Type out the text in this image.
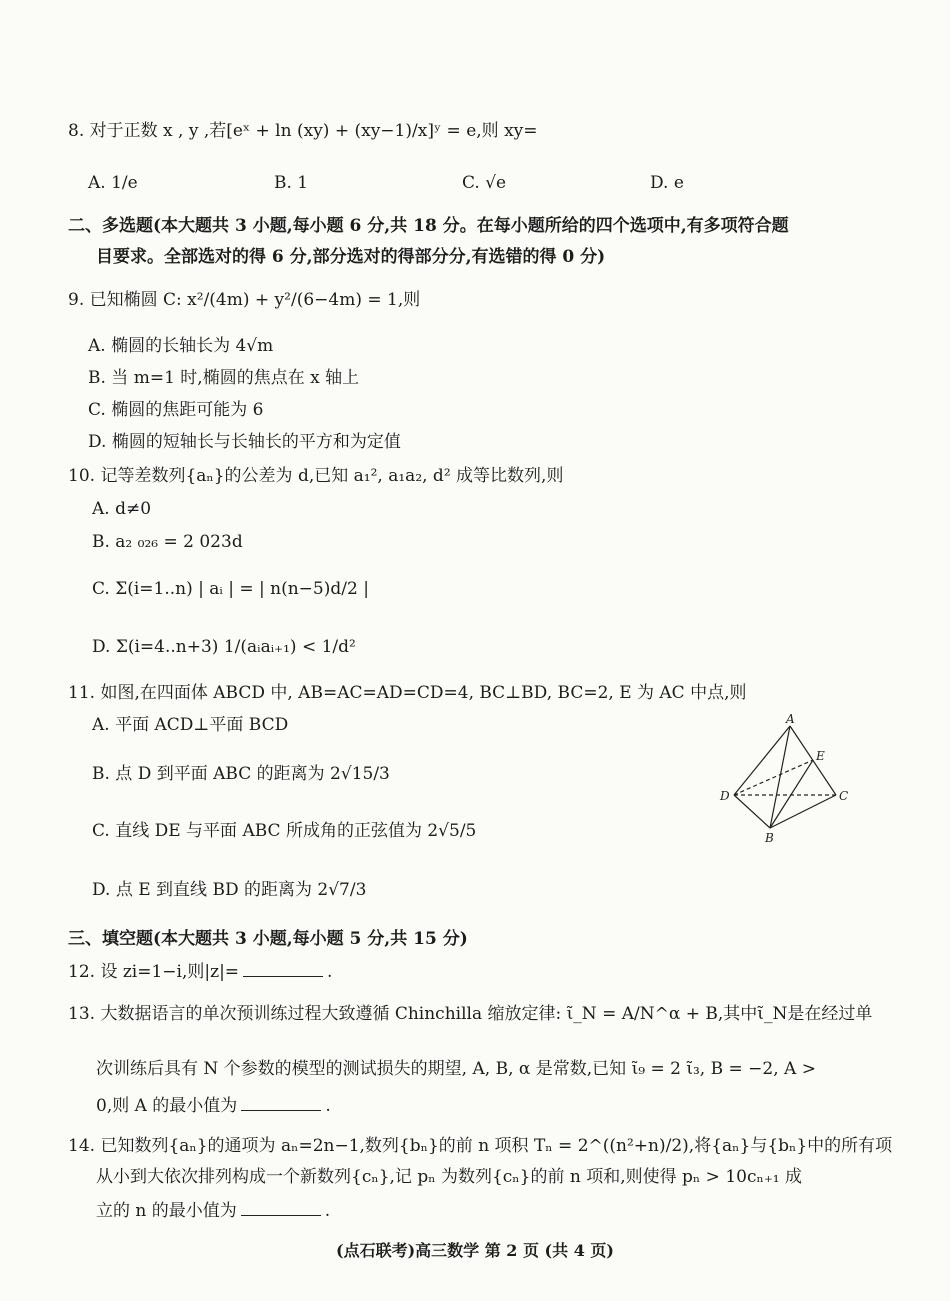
8. 对于正数 x , y ,若[eˣ + ln (xy) + (xy−1)/x]ʸ = e,则 xy=
A. 1/e	B. 1	C. √e	D. e
二、多选题(本大题共 3 小题,每小题 6 分,共 18 分。在每小题所给的四个选项中,有多项符合题
目要求。全部选对的得 6 分,部分选对的得部分分,有选错的得 0 分)
9. 已知椭圆 C: x²/(4m) + y²/(6−4m) = 1,则
A. 椭圆的长轴长为 4√m
B. 当 m=1 时,椭圆的焦点在 x 轴上
C. 椭圆的焦距可能为 6
D. 椭圆的短轴长与长轴长的平方和为定值
10. 记等差数列{aₙ}的公差为 d,已知 a₁², a₁a₂, d² 成等比数列,则
A. d≠0
B. a₂ ₀₂₆ = 2 023d
C. Σ(i=1..n) | aᵢ | = | n(n−5)d/2 |
D. Σ(i=4..n+3) 1/(aᵢaᵢ₊₁) < 1/d²
11. 如图,在四面体 ABCD 中, AB=AC=AD=CD=4, BC⊥BD, BC=2, E 为 AC 中点,则
A. 平面 ACD⊥平面 BCD
B. 点 D 到平面 ABC 的距离为 2√15/3
C. 直线 DE 与平面 ABC 所成角的正弦值为 2√5/5
D. 点 E 到直线 BD 的距离为 2√7/3
A
E
D	C
B
三、填空题(本大题共 3 小题,每小题 5 分,共 15 分)
12. 设 zi=1−i,则|z|=	.
13. 大数据语言的单次预训练过程大致遵循 Chinchilla 缩放定律: ῖ_N = A/N^α + B,其中ῖ_N是在经过单
次训练后具有 N 个参数的模型的测试损失的期望, A, B, α 是常数,已知 ῖ₉ = 2 ῖ₃, B = −2, A >
0,则 A 的最小值为	.
14. 已知数列{aₙ}的通项为 aₙ=2n−1,数列{bₙ}的前 n 项积 Tₙ = 2^((n²+n)/2),将{aₙ}与{bₙ}中的所有项
从小到大依次排列构成一个新数列{cₙ},记 pₙ 为数列{cₙ}的前 n 项和,则使得 pₙ > 10cₙ₊₁ 成
立的 n 的最小值为	.
(点石联考)高三数学 第 2 页 (共 4 页)
